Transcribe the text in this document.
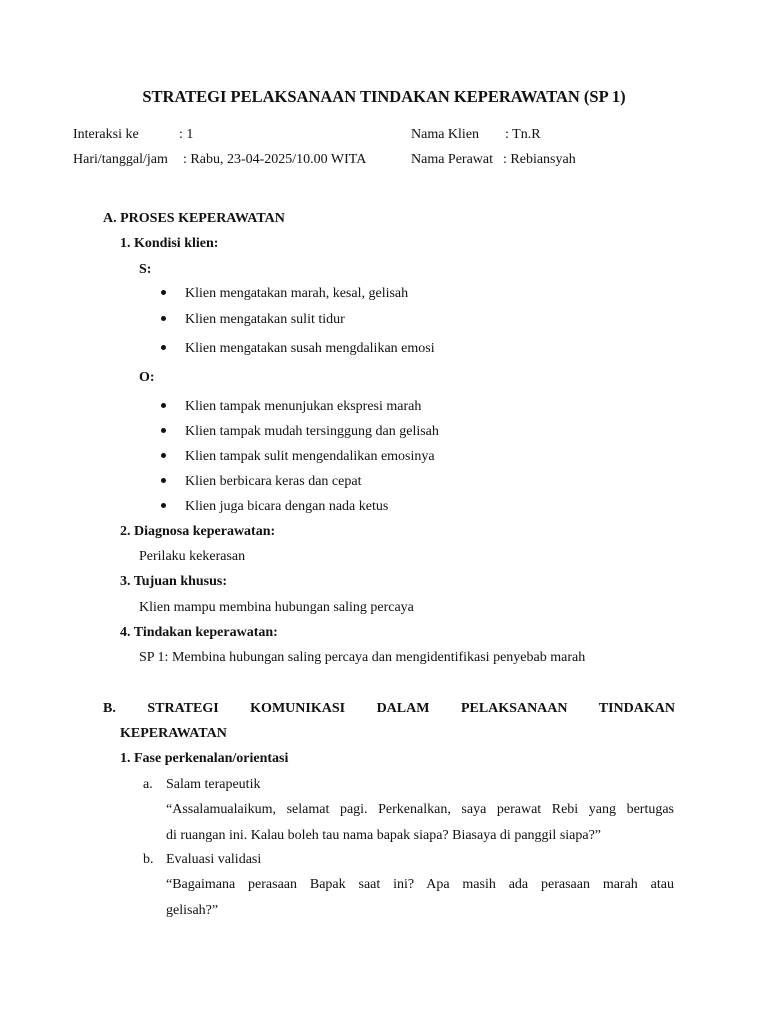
STRATEGI PELAKSANAAN TINDAKAN KEPERAWATAN (SP 1)
Interaksi ke	: 1
Hari/tanggal/jam : Rabu, 23-04-2025/10.00 WITA
Nama Klien : Tn.R
Nama Perawat : Rebiansyah
A. PROSES KEPERAWATAN
1. Kondisi klien:
S:
Klien mengatakan marah, kesal, gelisah
Klien mengatakan sulit tidur
Klien mengatakan susah mengdalikan emosi
O:
Klien tampak menunjukan ekspresi marah
Klien tampak mudah tersinggung dan gelisah
Klien tampak sulit mengendalikan emosinya
Klien berbicara keras dan cepat
Klien juga bicara dengan nada ketus
2. Diagnosa keperawatan:
Perilaku kekerasan
3. Tujuan khusus:
Klien mampu membina hubungan saling percaya
4. Tindakan keperawatan:
SP 1: Membina hubungan saling percaya dan mengidentifikasi penyebab marah
B. STRATEGI KOMUNIKASI DALAM PELAKSANAAN TINDAKAN
KEPERAWATAN
1. Fase perkenalan/orientasi
a. Salam terapeutik
“Assalamualaikum, selamat pagi. Perkenalkan, saya perawat Rebi yang bertugas
di ruangan ini. Kalau boleh tau nama bapak siapa? Biasaya di panggil siapa?”
b. Evaluasi validasi
“Bagaimana perasaan Bapak saat ini? Apa masih ada perasaan marah atau
gelisah?”
